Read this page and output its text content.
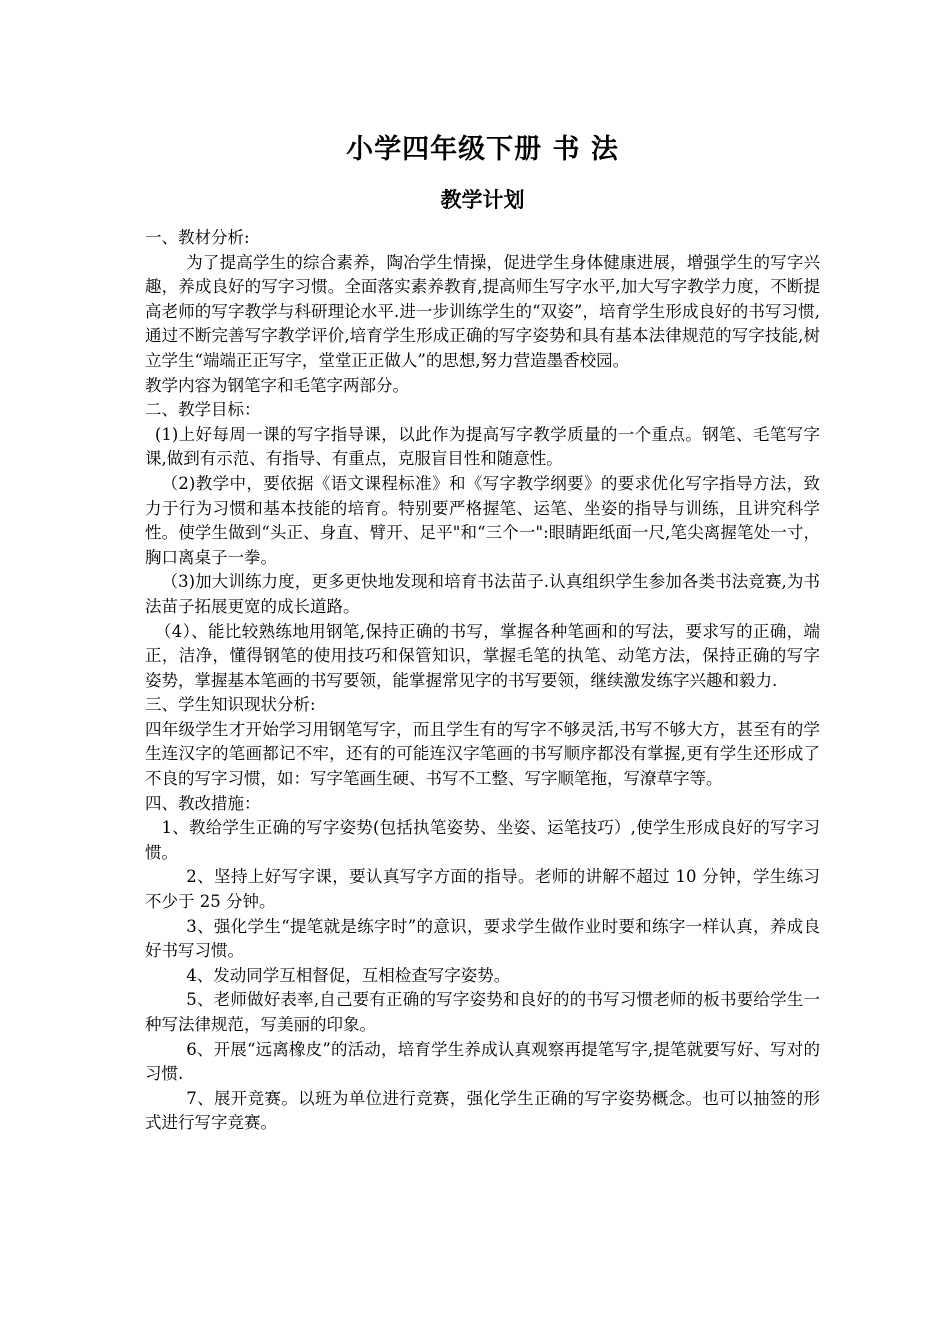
小学四年级下册 书 法
教学计划

一、教材分析:

为了提高学生的综合素养，陶冶学生情操，促进学生身体健康进展，增强学生的写字兴趣，养成良好的写字习惯。全面落实素养教育,提高师生写字水平,加大写字教学力度，不断提高老师的写字教学与科研理论水平.进一步训练学生的“双姿”，培育学生形成良好的书写习惯,通过不断完善写字教学评价,培育学生形成正确的写字姿势和具有基本法律规范的写字技能,树立学生“端端正正写字，堂堂正正做人”的思想,努力营造墨香校园。

教学内容为钢笔字和毛笔字两部分。

二、教学目标：

(1)上好每周一课的写字指导课，以此作为提高写字教学质量的一个重点。钢笔、毛笔写字课,做到有示范、有指导、有重点，克服盲目性和随意性。

（2)教学中，要依据《语文课程标准》和《写字教学纲要》的要求优化写字指导方法，致力于行为习惯和基本技能的培育。特别要严格握笔、运笔、坐姿的指导与训练，且讲究科学性。使学生做到“头正、身直、臂开、足平"和“三个一":眼睛距纸面一尺,笔尖离握笔处一寸，胸口离桌子一拳。

（3)加大训练力度，更多更快地发现和培育书法苗子.认真组织学生参加各类书法竞赛,为书法苗子拓展更宽的成长道路。

（4）、能比较熟练地用钢笔,保持正确的书写，掌握各种笔画和的写法，要求写的正确，端正，洁净，懂得钢笔的使用技巧和保管知识，掌握毛笔的执笔、动笔方法，保持正确的写字姿势，掌握基本笔画的书写要领，能掌握常见字的书写要领，继续激发练字兴趣和毅力.

三、学生知识现状分析:

四年级学生才开始学习用钢笔写字，而且学生有的写字不够灵活,书写不够大方，甚至有的学生连汉字的笔画都记不牢，还有的可能连汉字笔画的书写顺序都没有掌握,更有学生还形成了不良的写字习惯，如：写字笔画生硬、书写不工整、写字顺笔拖，写潦草字等。

四、教改措施：

1、教给学生正确的写字姿势(包括执笔姿势、坐姿、运笔技巧）,使学生形成良好的写字习惯。

2、坚持上好写字课，要认真写字方面的指导。老师的讲解不超过 10 分钟，学生练习不少于 25 分钟。

3、强化学生“提笔就是练字时”的意识，要求学生做作业时要和练字一样认真，养成良好书写习惯。

4、发动同学互相督促，互相检查写字姿势。

5、老师做好表率,自己要有正确的写字姿势和良好的的书写习惯老师的板书要给学生一种写法律规范，写美丽的印象。

6、开展“远离橡皮”的活动，培育学生养成认真观察再提笔写字,提笔就要写好、写对的习惯.

7、展开竞赛。以班为单位进行竞赛，强化学生正确的写字姿势概念。也可以抽签的形式进行写字竞赛。
